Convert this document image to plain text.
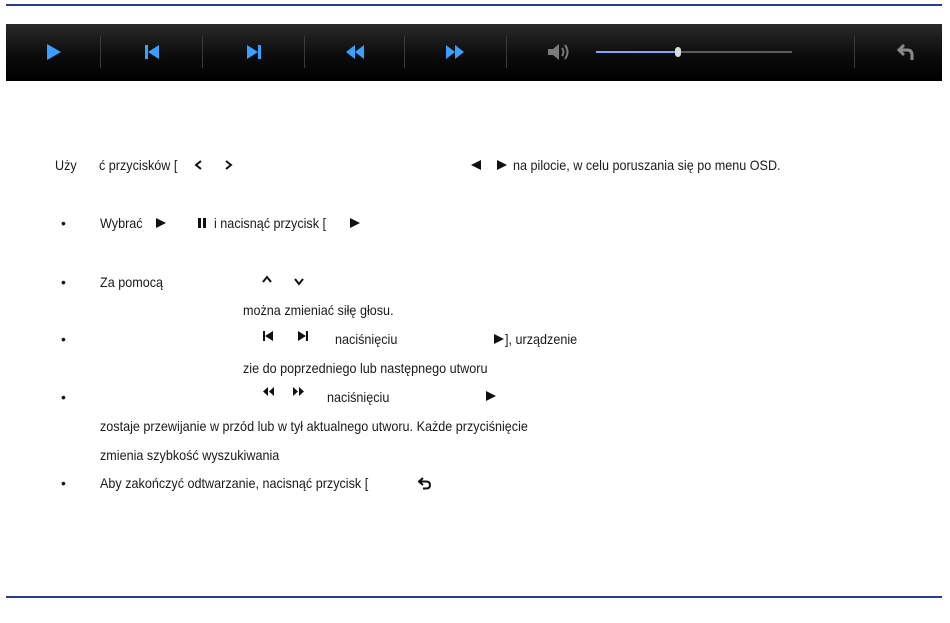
Uży ć przycisków [	na pilocie, w celu poruszania się po menu OSD.
• Wybrać	i nacisnąć przycisk [
• Za pomocą
można zmieniać siłę głosu.
•	naciśnięciu	], urządzenie
zie do poprzedniego lub następnego utworu
•	naciśnięciu
zostaje przewijanie w przód lub w tył aktualnego utworu. Każde przyciśnięcie
zmienia szybkość wyszukiwania
• Aby zakończyć odtwarzanie, nacisnąć przycisk [
